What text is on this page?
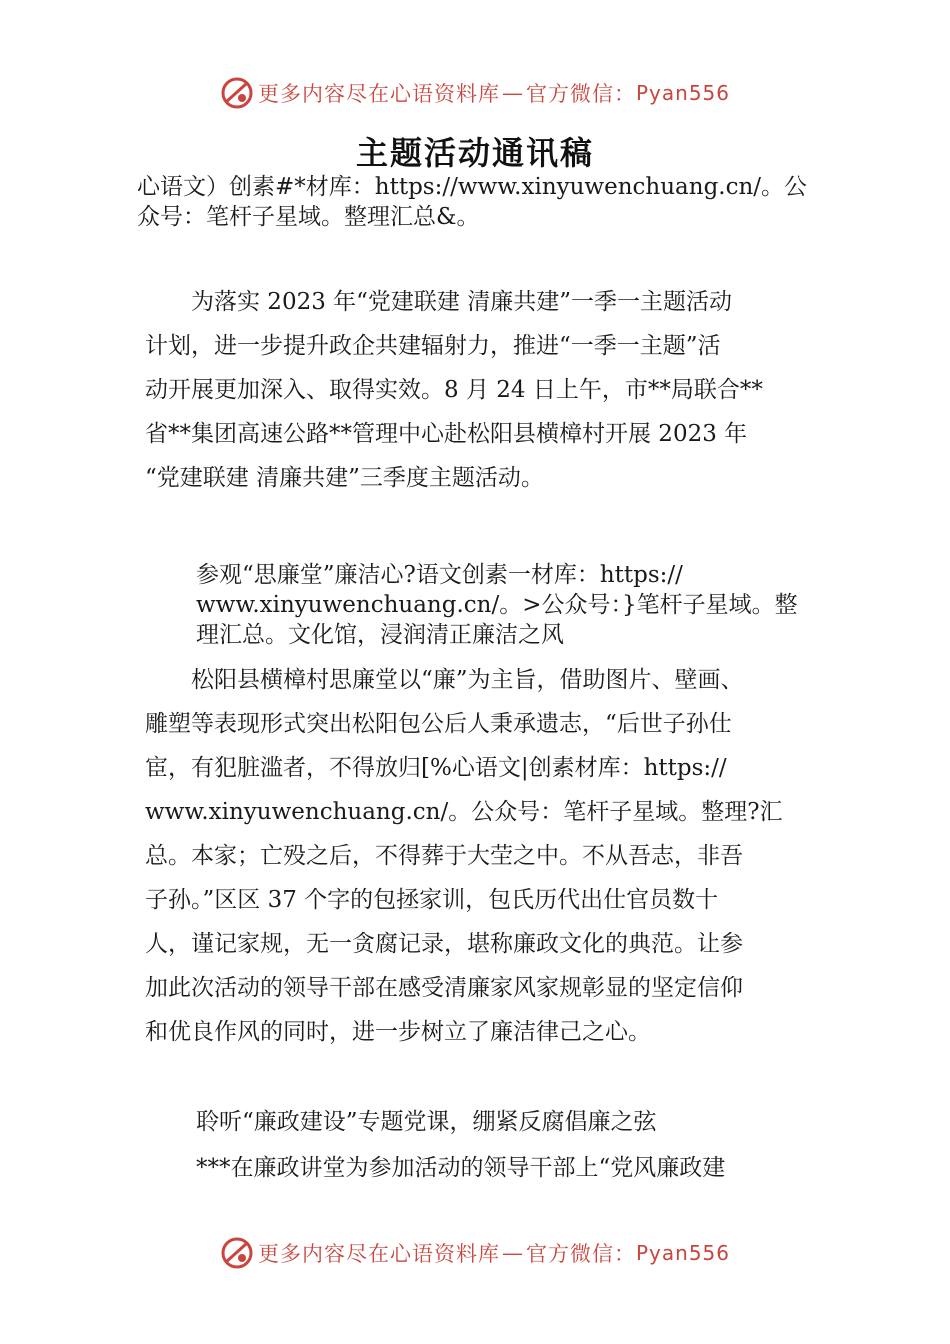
更多内容尽在心语资料库 — 官方微信： Pyan556
主题活动通讯稿
心语文）创素#*材库：https://www.xinyuwenchuang.cn/。公
众号：笔杆子星域。整理汇总&。
　　为落实 2023 年“党建联建 清廉共建”一季一主题活动
计划，进一步提升政企共建辐射力，推进“一季一主题”活
动开展更加深入、取得实效。8 月 24 日上午，市**局联合**
省**集团高速公路**管理中心赴松阳县横樟村开展 2023 年
“党建联建 清廉共建”三季度主题活动。
参观“思廉堂”廉洁心?语文创素一材库：https://
www.xinyuwenchuang.cn/。>公众号：}笔杆子星域。整
理汇总。文化馆，浸润清正廉洁之风
　　松阳县横樟村思廉堂以“廉”为主旨，借助图片、壁画、
雕塑等表现形式突出松阳包公后人秉承遗志，“后世子孙仕
宦，有犯脏滥者，不得放归[%心语文|创素材库：https://
www.xinyuwenchuang.cn/。公众号：笔杆子星域。整理?汇
总。本家；亡殁之后，不得葬于大茔之中。不从吾志，非吾
子孙。”区区 37 个字的包拯家训，包氏历代出仕官员数十
人，谨记家规，无一贪腐记录，堪称廉政文化的典范。让参
加此次活动的领导干部在感受清廉家风家规彰显的坚定信仰
和优良作风的同时，进一步树立了廉洁律己之心。
聆听“廉政建设”专题党课，绷紧反腐倡廉之弦
***在廉政讲堂为参加活动的领导干部上“党风廉政建
更多内容尽在心语资料库 — 官方微信： Pyan556
